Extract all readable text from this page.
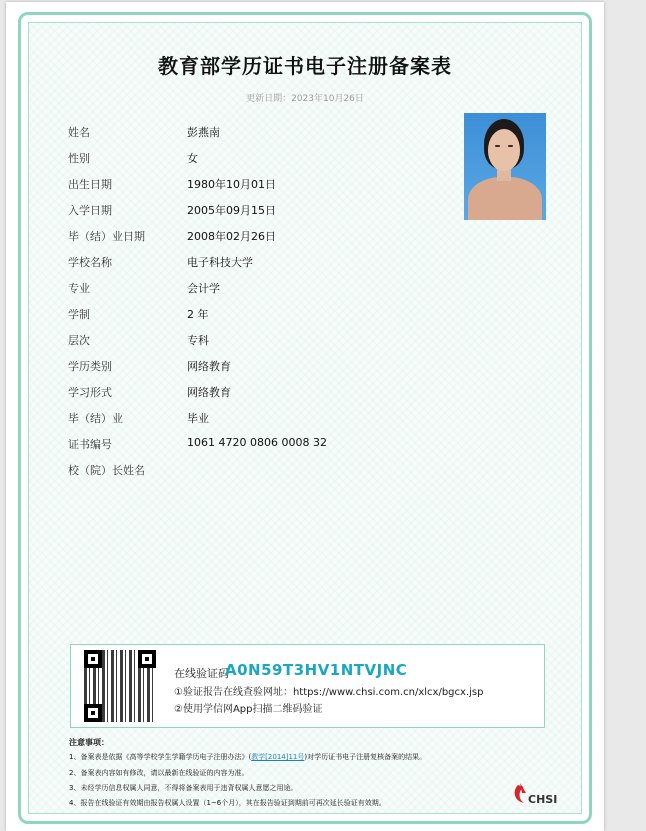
教育部学历证书电子注册备案表
更新日期：2023年10月26日
姓名	彭燕南
性别	女
出生日期	1980年10月01日
入学日期	2005年09月15日
毕（结）业日期	2008年02月26日
学校名称	电子科技大学
专业	会计学
学制	2 年
层次	专科
学历类别	网络教育
学习形式	网络教育
毕（结）业	毕业
证书编号	1061 4720 0806 0008 32
校（院）长姓名
在线验证码
A0N59T3HV1NTVJNC
①验证报告在线查验网址：https://www.chsi.com.cn/xlcx/bgcx.jsp
②使用学信网App扫描二维码验证
注意事项：
1、备案表是依据《高等学校学生学籍学历电子注册办法》(教学[2014]11号)对学历证书电子注册复核备案的结果。
2、备案表内容如有修改，请以最新在线验证的内容为准。
3、未经学历信息权属人同意，不得将备案表用于违背权属人意愿之用途。
4、报告在线验证有效期由报告权属人设置（1~6个月），其在报告验证到期前可再次延长验证有效期。	CHSI
